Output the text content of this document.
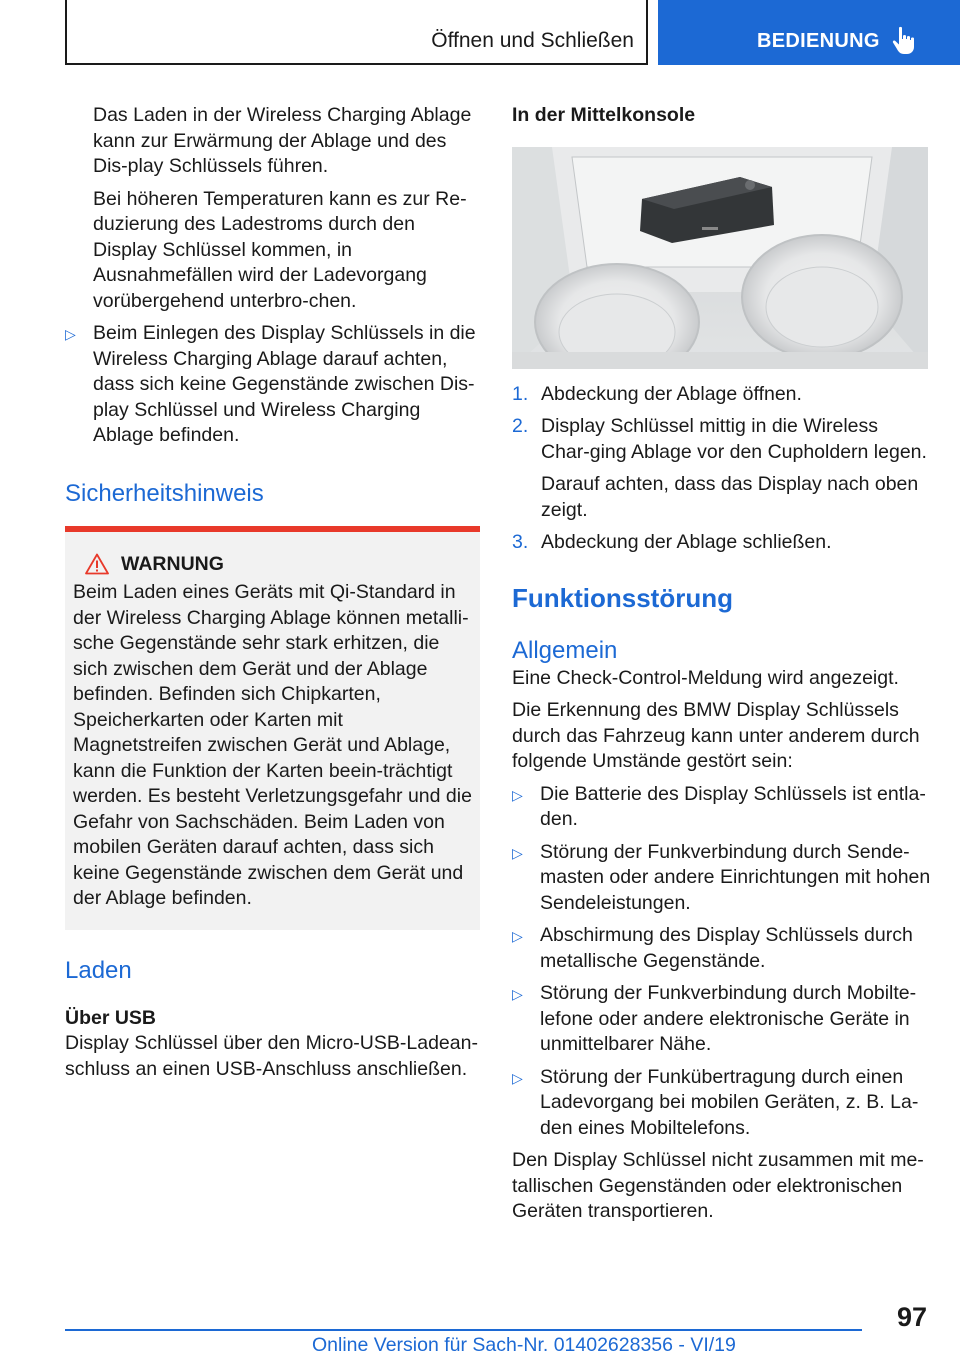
Öffnen und Schließen	BEDIENUNG

Das Laden in der Wireless Charging Ablage kann zur Erwärmung der Ablage und des Dis-play Schlüssels führen.

Bei höheren Temperaturen kann es zur Re-duzierung des Ladestroms durch den Display Schlüssel kommen, in Ausnahmefällen wird der Ladevorgang vorübergehend unterbro-chen.

▷ Beim Einlegen des Display Schlüssels in die Wireless Charging Ablage darauf achten, dass sich keine Gegenstände zwischen Dis-play Schlüssel und Wireless Charging Ablage befinden.
Sicherheitshinweis
WARNUNG

Beim Laden eines Geräts mit Qi-Standard in der Wireless Charging Ablage können metalli-sche Gegenstände sehr stark erhitzen, die sich zwischen dem Gerät und der Ablage befinden. Befinden sich Chipkarten, Speicherkarten oder Karten mit Magnetstreifen zwischen Gerät und Ablage, kann die Funktion der Karten beein-trächtigt werden. Es besteht Verletzungsgefahr und die Gefahr von Sachschäden. Beim Laden von mobilen Geräten darauf achten, dass sich keine Gegenstände zwischen dem Gerät und der Ablage befinden.

Laden
Über USB

Display Schlüssel über den Micro-USB-Ladean-schluss an einen USB-Anschluss anschließen.

In der Mittelkonsole
1. Abdeckung der Ablage öffnen.
2. Display Schlüssel mittig in die Wireless Char-ging Ablage vor den Cupholdern legen.

Darauf achten, dass das Display nach oben zeigt.

3. Abdeckung der Ablage schließen.
Funktionsstörung
Allgemein

Eine Check-Control-Meldung wird angezeigt.

Die Erkennung des BMW Display Schlüssels durch das Fahrzeug kann unter anderem durch folgende Umstände gestört sein:

▷ Die Batterie des Display Schlüssels ist entla-den.
▷ Störung der Funkverbindung durch Sende-masten oder andere Einrichtungen mit hohen Sendeleistungen.
▷ Abschirmung des Display Schlüssels durch metallische Gegenstände.
▷ Störung der Funkverbindung durch Mobilte-lefone oder andere elektronische Geräte in unmittelbarer Nähe.
▷ Störung der Funkübertragung durch einen Ladevorgang bei mobilen Geräten, z. B. La-den eines Mobiltelefons.

Den Display Schlüssel nicht zusammen mit me-tallischen Gegenständen oder elektronischen Geräten transportieren.

97
Online Version für Sach-Nr. 01402628356 - VI/19
